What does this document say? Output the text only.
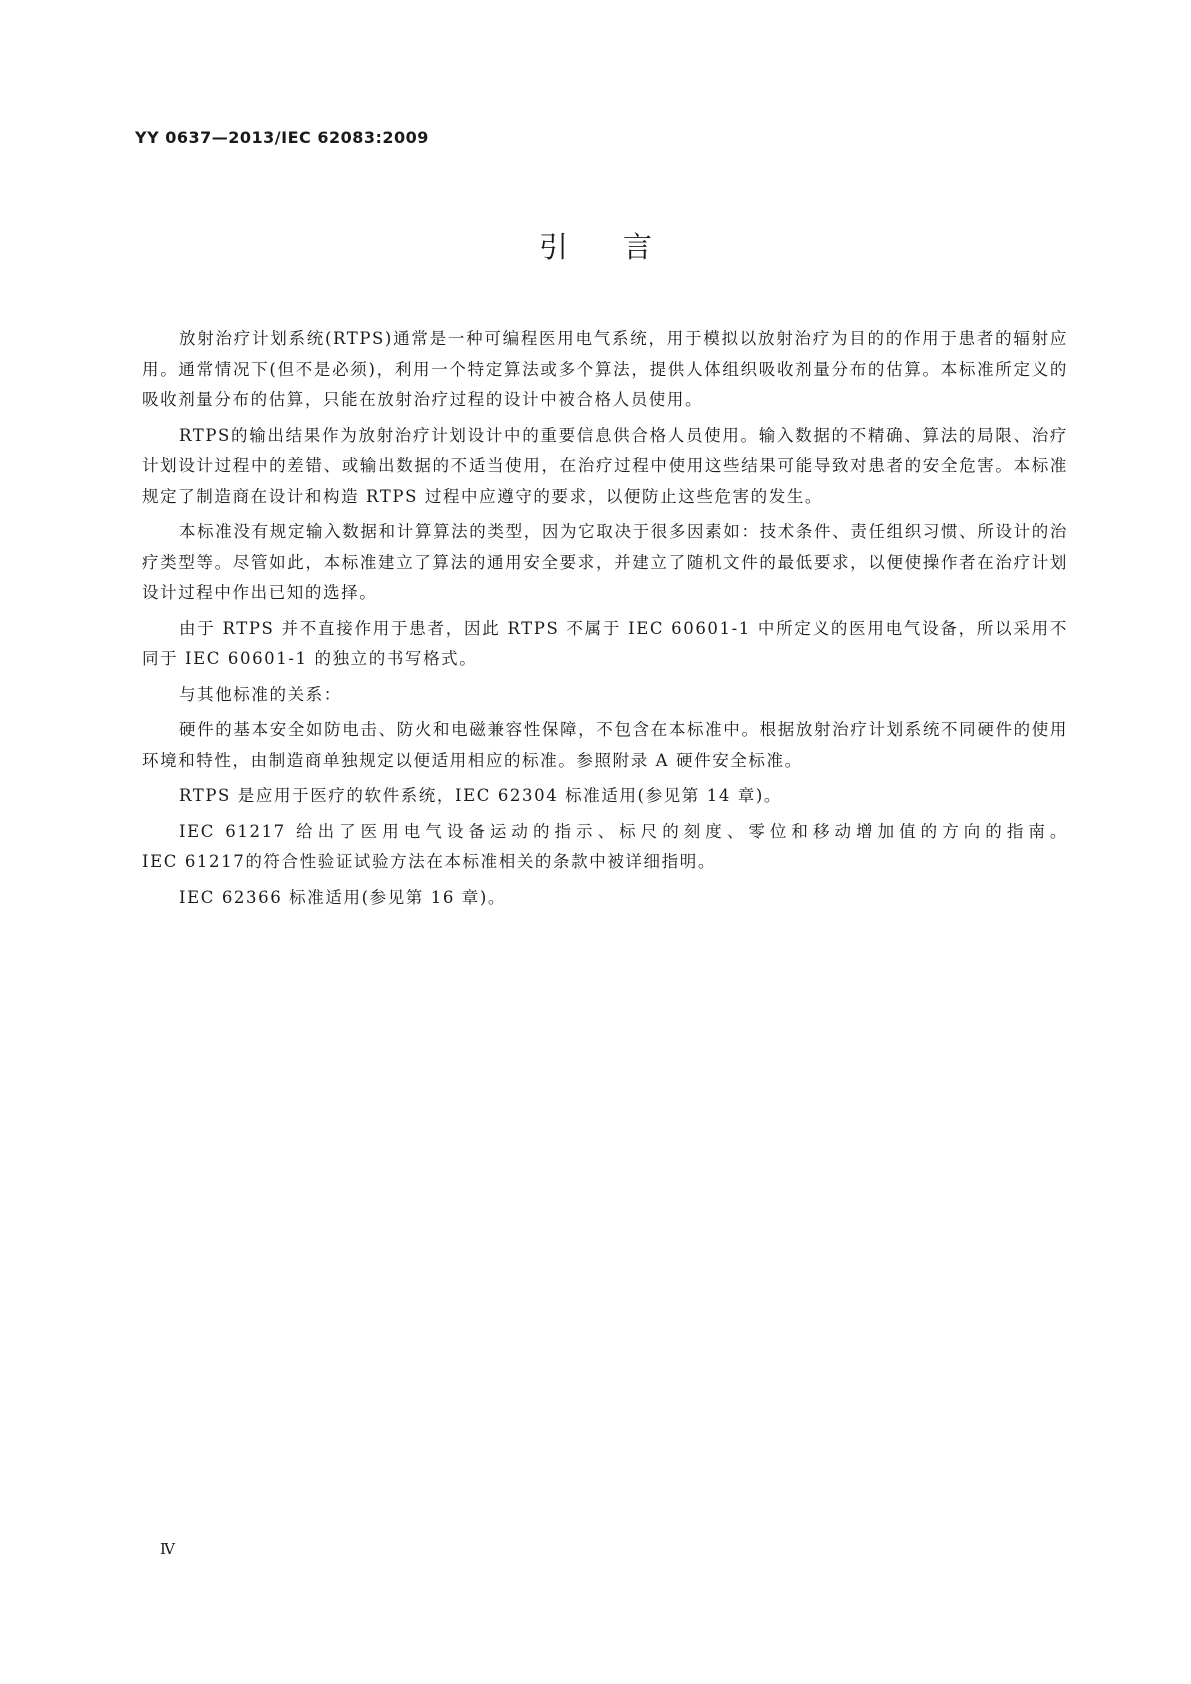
YY 0637—2013/IEC 62083:2009
引言

放射治疗计划系统(RTPS)通常是一种可编程医用电气系统，用于模拟以放射治疗为目的的作用于患者的辐射应用。通常情况下(但不是必须)，利用一个特定算法或多个算法，提供人体组织吸收剂量分布的估算。本标准所定义的吸收剂量分布的估算，只能在放射治疗过程的设计中被合格人员使用。

RTPS的输出结果作为放射治疗计划设计中的重要信息供合格人员使用。输入数据的不精确、算法的局限、治疗计划设计过程中的差错、或输出数据的不适当使用，在治疗过程中使用这些结果可能导致对患者的安全危害。本标准规定了制造商在设计和构造 RTPS 过程中应遵守的要求，以便防止这些危害的发生。

本标准没有规定输入数据和计算算法的类型，因为它取决于很多因素如：技术条件、责任组织习惯、所设计的治疗类型等。尽管如此，本标准建立了算法的通用安全要求，并建立了随机文件的最低要求，以便使操作者在治疗计划设计过程中作出已知的选择。

由于 RTPS 并不直接作用于患者，因此 RTPS 不属于 IEC 60601-1 中所定义的医用电气设备，所以采用不同于 IEC 60601-1 的独立的书写格式。

与其他标准的关系：

硬件的基本安全如防电击、防火和电磁兼容性保障，不包含在本标准中。根据放射治疗计划系统不同硬件的使用环境和特性，由制造商单独规定以便适用相应的标准。参照附录 A 硬件安全标准。

RTPS 是应用于医疗的软件系统，IEC 62304 标准适用(参见第 14 章)。

IEC 61217 给出了医用电气设备运动的指示、标尺的刻度、零位和移动增加值的方向的指南。

IEC 61217的符合性验证试验方法在本标准相关的条款中被详细指明。

IEC 62366 标准适用(参见第 16 章)。

Ⅳ
